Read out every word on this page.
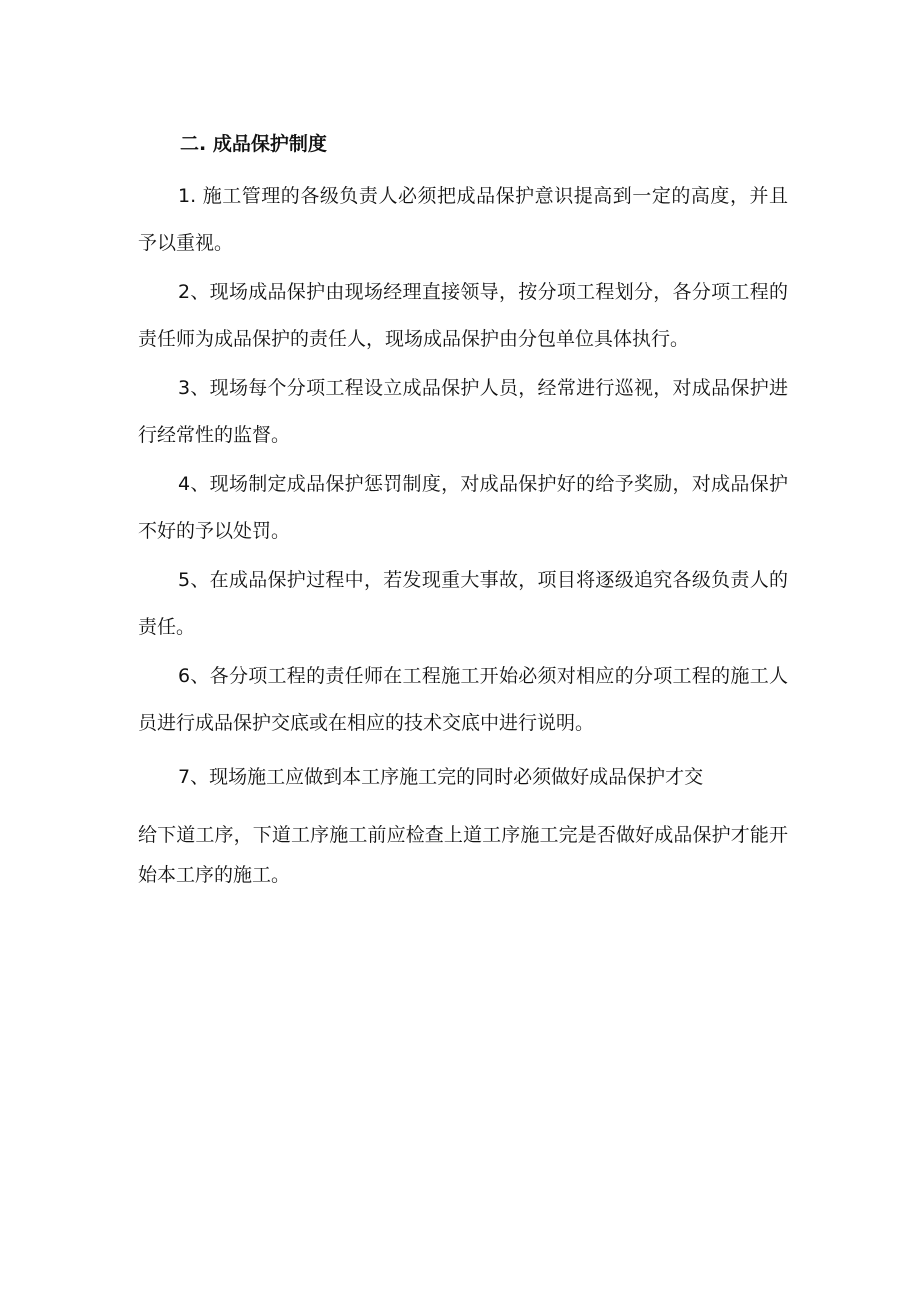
二. 成品保护制度

1. 施工管理的各级负责人必须把成品保护意识提高到一定的高度，并且予以重视。

2、现场成品保护由现场经理直接领导，按分项工程划分，各分项工程的责任师为成品保护的责任人，现场成品保护由分包单位具体执行。

3、现场每个分项工程设立成品保护人员，经常进行巡视，对成品保护进行经常性的监督。

4、现场制定成品保护惩罚制度，对成品保护好的给予奖励，对成品保护不好的予以处罚。

5、在成品保护过程中，若发现重大事故，项目将逐级追究各级负责人的责任。

6、各分项工程的责任师在工程施工开始必须对相应的分项工程的施工人员进行成品保护交底或在相应的技术交底中进行说明。

7、现场施工应做到本工序施工完的同时必须做好成品保护才交

给下道工序，下道工序施工前应检查上道工序施工完是否做好成品保护才能开始本工序的施工。
